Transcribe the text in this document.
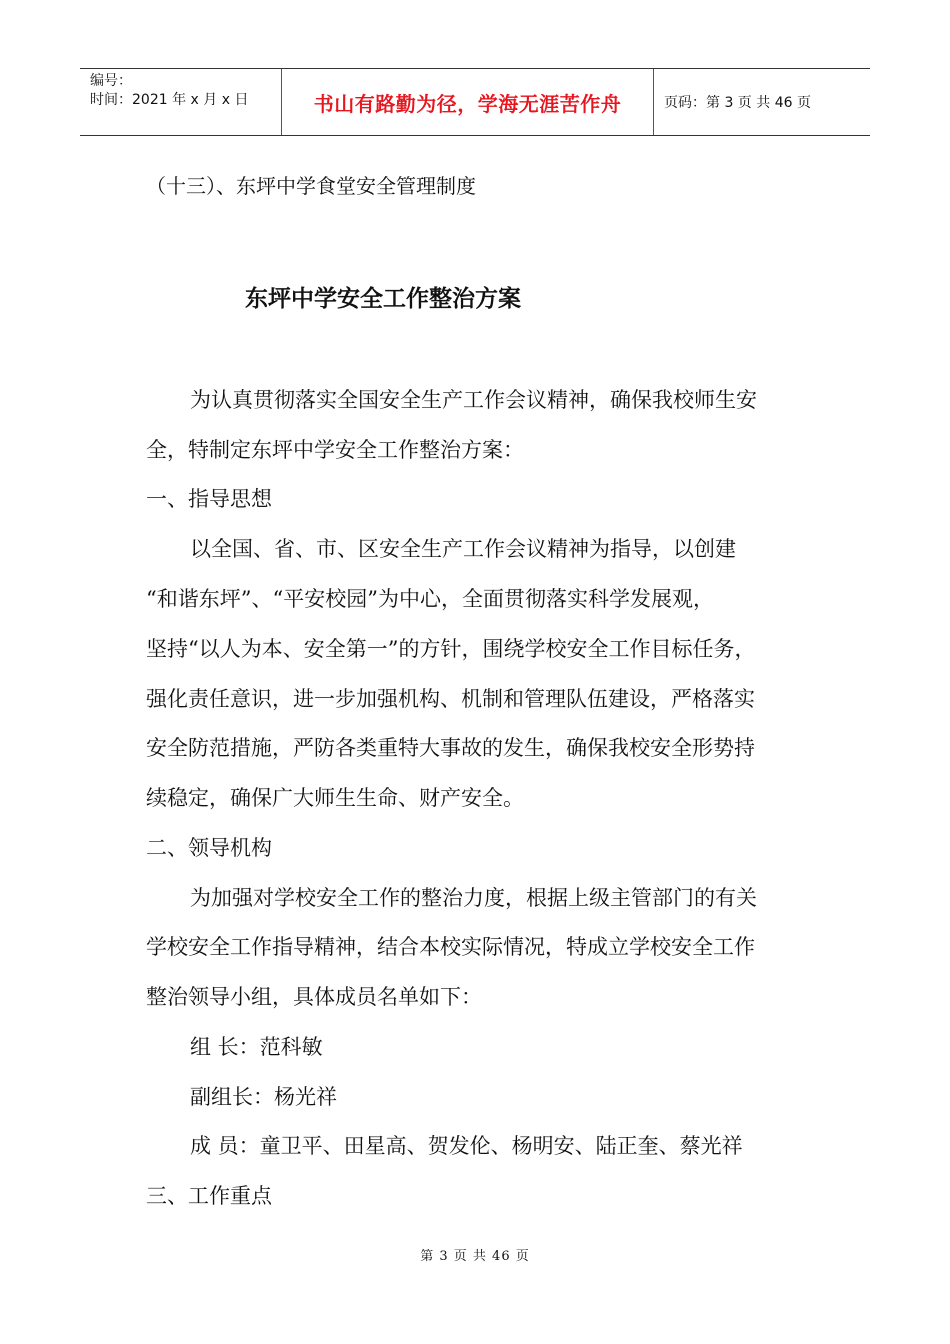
编号：
时间：2021 年 x 月 x 日	书山有路勤为径，学海无涯苦作舟	页码：第 3 页 共 46 页
（十三）、东坪中学食堂安全管理制度
东坪中学安全工作整治方案
为认真贯彻落实全国安全生产工作会议精神，确保我校师生安
全，特制定东坪中学安全工作整治方案：
一、指导思想
以全国、省、市、区安全生产工作会议精神为指导，以创建
“和谐东坪”、“平安校园”为中心，全面贯彻落实科学发展观，
坚持“以人为本、安全第一”的方针，围绕学校安全工作目标任务，
强化责任意识，进一步加强机构、机制和管理队伍建设，严格落实
安全防范措施，严防各类重特大事故的发生，确保我校安全形势持
续稳定，确保广大师生生命、财产安全。
二、领导机构
为加强对学校安全工作的整治力度，根据上级主管部门的有关
学校安全工作指导精神，结合本校实际情况，特成立学校安全工作
整治领导小组，具体成员名单如下：
组 长：范科敏
副组长：杨光祥
成 员：童卫平、田星高、贺发伦、杨明安、陆正奎、蔡光祥
三、工作重点
第 3 页 共 46 页
